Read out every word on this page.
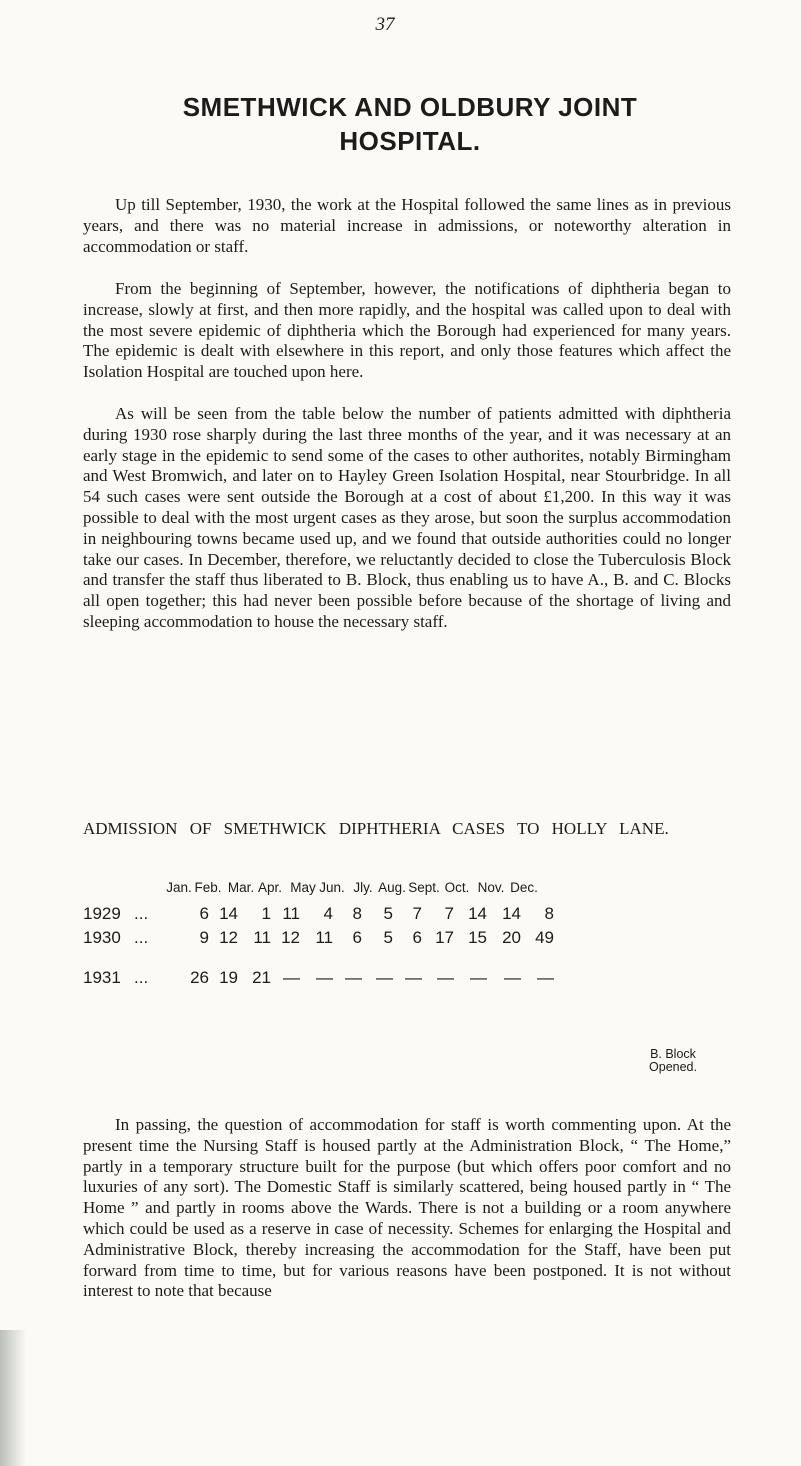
37
SMETHWICK AND OLDBURY JOINT
HOSPITAL.

Up till September, 1930, the work at the Hospital followed the same lines as in previous years, and there was no material increase in admissions, or noteworthy alteration in accommodation or staff.

From the beginning of September, however, the notifications of diphtheria began to increase, slowly at first, and then more rapidly, and the hospital was called upon to deal with the most severe epidemic of diphtheria which the Borough had experienced for many years. The epidemic is dealt with elsewhere in this report, and only those features which affect the Isolation Hospital are touched upon here.

As will be seen from the table below the number of patients admitted with diphtheria during 1930 rose sharply during the last three months of the year, and it was necessary at an early stage in the epidemic to send some of the cases to other authorites, notably Birmingham and West Bromwich, and later on to Hayley Green Isolation Hospital, near Stourbridge. In all 54 such cases were sent outside the Borough at a cost of about £1,200. In this way it was possible to deal with the most urgent cases as they arose, but soon the surplus accommodation in neighbouring towns became used up, and we found that outside authorities could no longer take our cases. In December, therefore, we reluctantly decided to close the Tuberculosis Block and transfer the staff thus liberated to B. Block, thus enabling us to have A., B. and C. Blocks all open together; this had never been possible before because of the shortage of living and sleeping accommodation to house the necessary staff.

ADMISSION OF SMETHWICK DIPHTHERIA CASES TO HOLLY LANE.
Jan. Feb. Mar. Apr. May Jun. Jly. Aug. Sept. Oct. Nov. Dec.
1929 ...	6 14	1 11	4	8	5	7	7 14 14	8
1930 ...	9 12 11 12 11	6	5	6 17 15 20 49
1931 ...	26 19 21 — — — — — — —	— —
B. Block
Opened.

In passing, the question of accommodation for staff is worth commenting upon. At the present time the Nursing Staff is housed partly at the Administration Block, “ The Home,” partly in a temporary structure built for the purpose (but which offers poor comfort and no luxuries of any sort). The Domestic Staff is similarly scattered, being housed partly in “ The Home ” and partly in rooms above the Wards. There is not a building or a room anywhere which could be used as a reserve in case of necessity. Schemes for enlarging the Hospital and Administrative Block, thereby increasing the accommodation for the Staff, have been put forward from time to time, but for various reasons have been postponed. It is not without interest to note that because
